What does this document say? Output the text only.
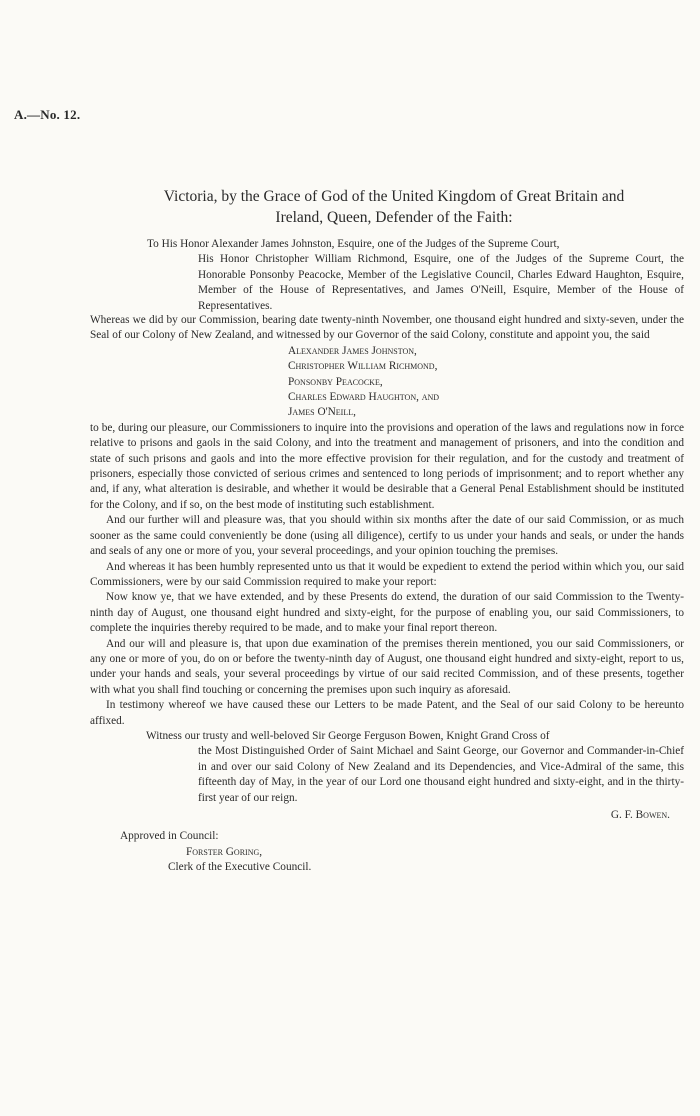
A.—No. 12.
Victoria, by the Grace of God of the United Kingdom of Great Britain and
Ireland, Queen, Defender of the Faith:
To His Honor Alexander James Johnston, Esquire, one of the Judges of the Supreme Court,
His Honor Christopher William Richmond, Esquire, one of the Judges of the Supreme Court, the Honorable Ponsonby Peacocke, Member of the Legislative Council, Charles Edward Haughton, Esquire, Member of the House of Representatives, and James O'Neill, Esquire, Member of the House of Representatives.

Whereas we did by our Commission, bearing date twenty-ninth November, one thousand eight hundred and sixty-seven, under the Seal of our Colony of New Zealand, and witnessed by our Governor of the said Colony, constitute and appoint you, the said

Alexander James Johnston,
Christopher William Richmond,
Ponsonby Peacocke,
Charles Edward Haughton, and
James O'Neill,

to be, during our pleasure, our Commissioners to inquire into the provisions and operation of the laws and regulations now in force relative to prisons and gaols in the said Colony, and into the treatment and management of prisoners, and into the condition and state of such prisons and gaols and into the more effective provision for their regulation, and for the custody and treatment of prisoners, especially those convicted of serious crimes and sentenced to long periods of imprisonment; and to report whether any and, if any, what alteration is desirable, and whether it would be desirable that a General Penal Establishment should be instituted for the Colony, and if so, on the best mode of instituting such establishment.

And our further will and pleasure was, that you should within six months after the date of our said Commission, or as much sooner as the same could conveniently be done (using all diligence), certify to us under your hands and seals, or under the hands and seals of any one or more of you, your several proceedings, and your opinion touching the premises.

And whereas it has been humbly represented unto us that it would be expedient to extend the period within which you, our said Commissioners, were by our said Commission required to make your report:

Now know ye, that we have extended, and by these Presents do extend, the duration of our said Commission to the Twenty-ninth day of August, one thousand eight hundred and sixty-eight, for the purpose of enabling you, our said Commissioners, to complete the inquiries thereby required to be made, and to make your final report thereon.

And our will and pleasure is, that upon due examination of the premises therein mentioned, you our said Commissioners, or any one or more of you, do on or before the twenty-ninth day of August, one thousand eight hundred and sixty-eight, report to us, under your hands and seals, your several proceedings by virtue of our said recited Commission, and of these presents, together with what you shall find touching or concerning the premises upon such inquiry as aforesaid.

In testimony whereof we have caused these our Letters to be made Patent, and the Seal of our said Colony to be hereunto affixed.

Witness our trusty and well-beloved Sir George Ferguson Bowen, Knight Grand Cross of
the Most Distinguished Order of Saint Michael and Saint George, our Governor and Commander-in-Chief in and over our said Colony of New Zealand and its Dependencies, and Vice-Admiral of the same, this fifteenth day of May, in the year of our Lord one thousand eight hundred and sixty-eight, and in the thirty-first year of our reign.

G. F. Bowen.
Approved in Council:
Forster Goring,
Clerk of the Executive Council.
